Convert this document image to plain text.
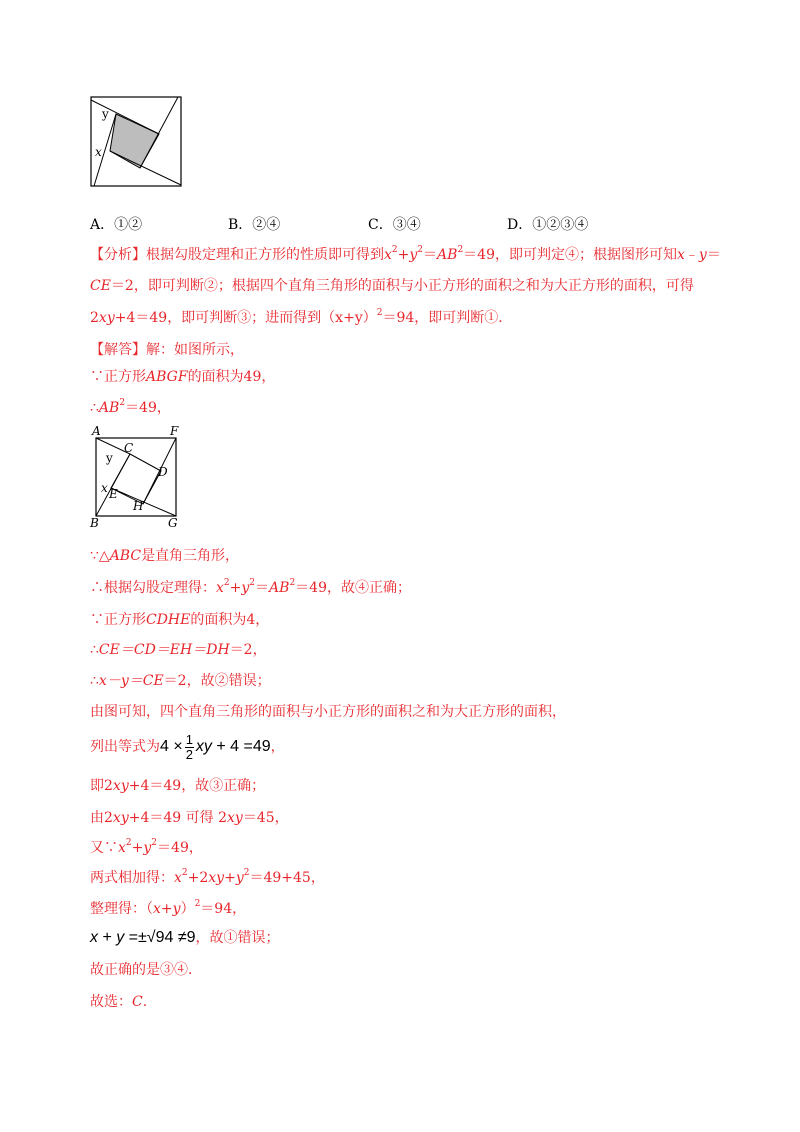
y
x
A．①②	B．②④	C．③④	D．①②③④
【分析】根据勾股定理和正方形的性质即可得到$x^2+y^2=AB^2=49$，即可判定④；根据图形可知x﹣y＝
CE＝2，即可判断②；根据四个直角三角形的面积与小正方形的面积之和为大正方形的面积，可得
2xy+4＝49，即可判断③；进而得到$(x+y)^2=94$，即可判断①.
【解答】解：如图所示，
∵正方形ABGF的面积为49，
$\therefore AB^2=49$，
A	F
C
y
D
x E
H
B	G
∵△ABC是直角三角形，
∴根据勾股定理得：$x^2+y^2=AB^2=49$，故④正确；
∵正方形CDHE的面积为4，
∴CE＝CD＝EH＝DH＝2，
∴x－y＝CE＝2，故②错误；
由图可知，四个直角三角形的面积与小正方形的面积之和为大正方形的面积，
列出等式为$4 \times \frac{1}{2}$ xy + 4 =49，
即2xy+4＝49，故③正确；
由2xy+4＝49 可得 2xy＝45，
又$\because x^2+y^2=49$，
两式相加得：$x^2+2xy+y^2=49+45$，
整理得：$(x+y)^2=94$，
x + y =±√94 ≠9，故①错误；
故正确的是③④．
故选：C.
